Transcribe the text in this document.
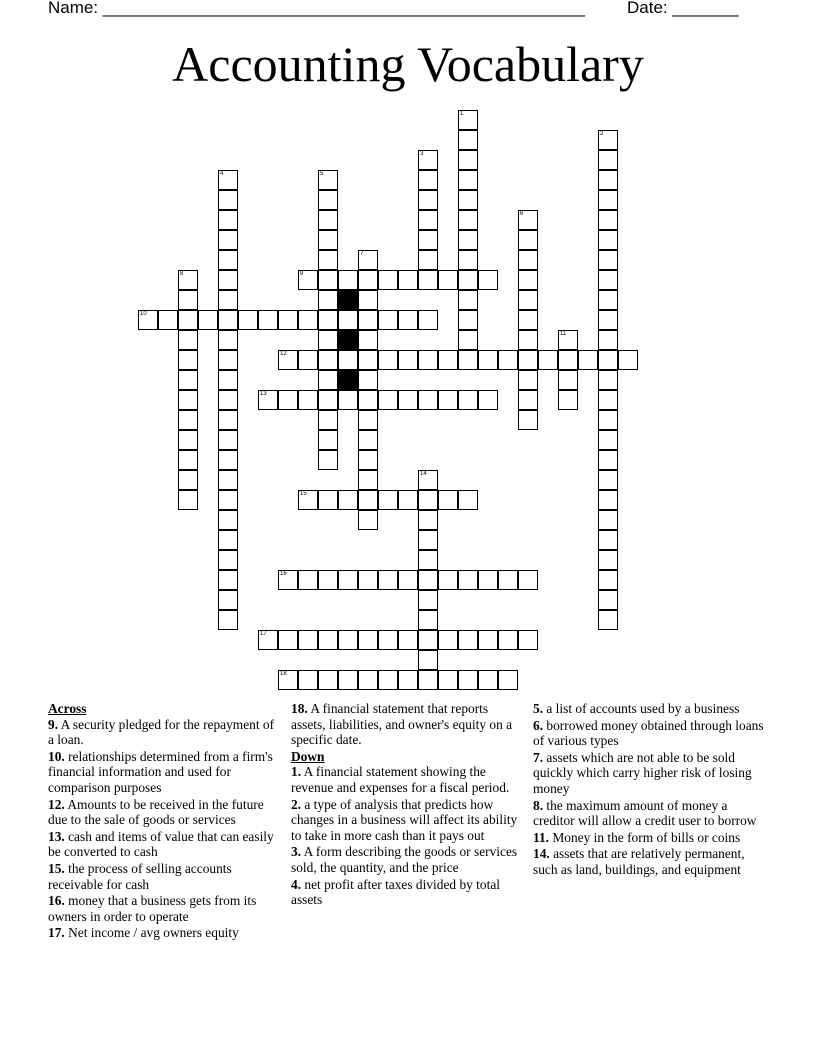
Name: ___________________________________________________ Date: _______
Accounting Vocabulary
9
10
12
13
15
16
17
18
1
2
3
4	5
6
7
8
11
14
Across
9. A security pledged for the repayment of a loan.
10. relationships determined from a firm's financial information and used for comparison purposes
12. Amounts to be received in the future due to the sale of goods or services
13. cash and items of value that can easily be converted to cash
15. the process of selling accounts receivable for cash
16. money that a business gets from its owners in order to operate
17. Net income / avg owners equity
18. A financial statement that reports assets, liabilities, and owner's equity on a specific date.
Down
1. A financial statement showing the revenue and expenses for a fiscal period.
2. a type of analysis that predicts how changes in a business will affect its ability to take in more cash than it pays out
3. A form describing the goods or services sold, the quantity, and the price
4. net profit after taxes divided by total assets
5. a list of accounts used by a business
6. borrowed money obtained through loans of various types
7. assets which are not able to be sold quickly which carry higher risk of losing money
8. the maximum amount of money a creditor will allow a credit user to borrow
11. Money in the form of bills or coins
14. assets that are relatively permanent, such as land, buildings, and equipment
